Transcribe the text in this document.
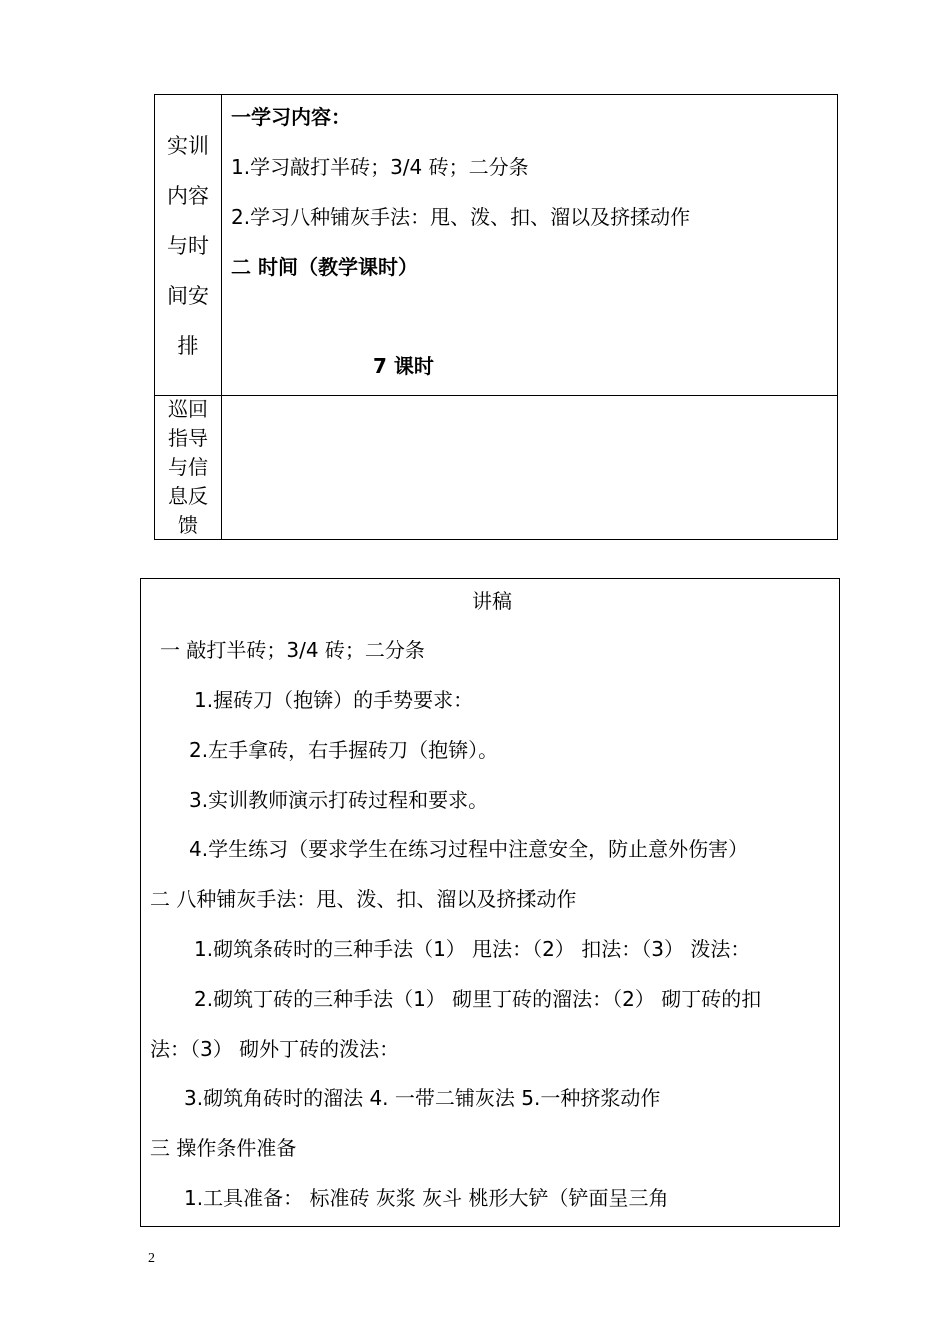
实训
内容
与时
间安
排
巡回
指导
与信
息反
馈
一学习内容：
1.学习敲打半砖；3/4 砖；二分条
2.学习八种铺灰手法：甩、泼、扣、溜以及挤揉动作
二 时间（教学课时）
7 课时
讲稿
一 敲打半砖；3/4 砖；二分条
1.握砖刀（抱锛）的手势要求：
2.左手拿砖，右手握砖刀（抱锛）。
3.实训教师演示打砖过程和要求。
4.学生练习（要求学生在练习过程中注意安全，防止意外伤害）
二 八种铺灰手法：甩、泼、扣、溜以及挤揉动作
1.砌筑条砖时的三种手法（1） 甩法：（2） 扣法：（3） 泼法：
2.砌筑丁砖的三种手法（1） 砌里丁砖的溜法：（2） 砌丁砖的扣
法：（3） 砌外丁砖的泼法：
3.砌筑角砖时的溜法 4. 一带二铺灰法 5.一种挤浆动作
三 操作条件准备
1.工具准备： 标准砖 灰浆 灰斗 桃形大铲（铲面呈三角
2
